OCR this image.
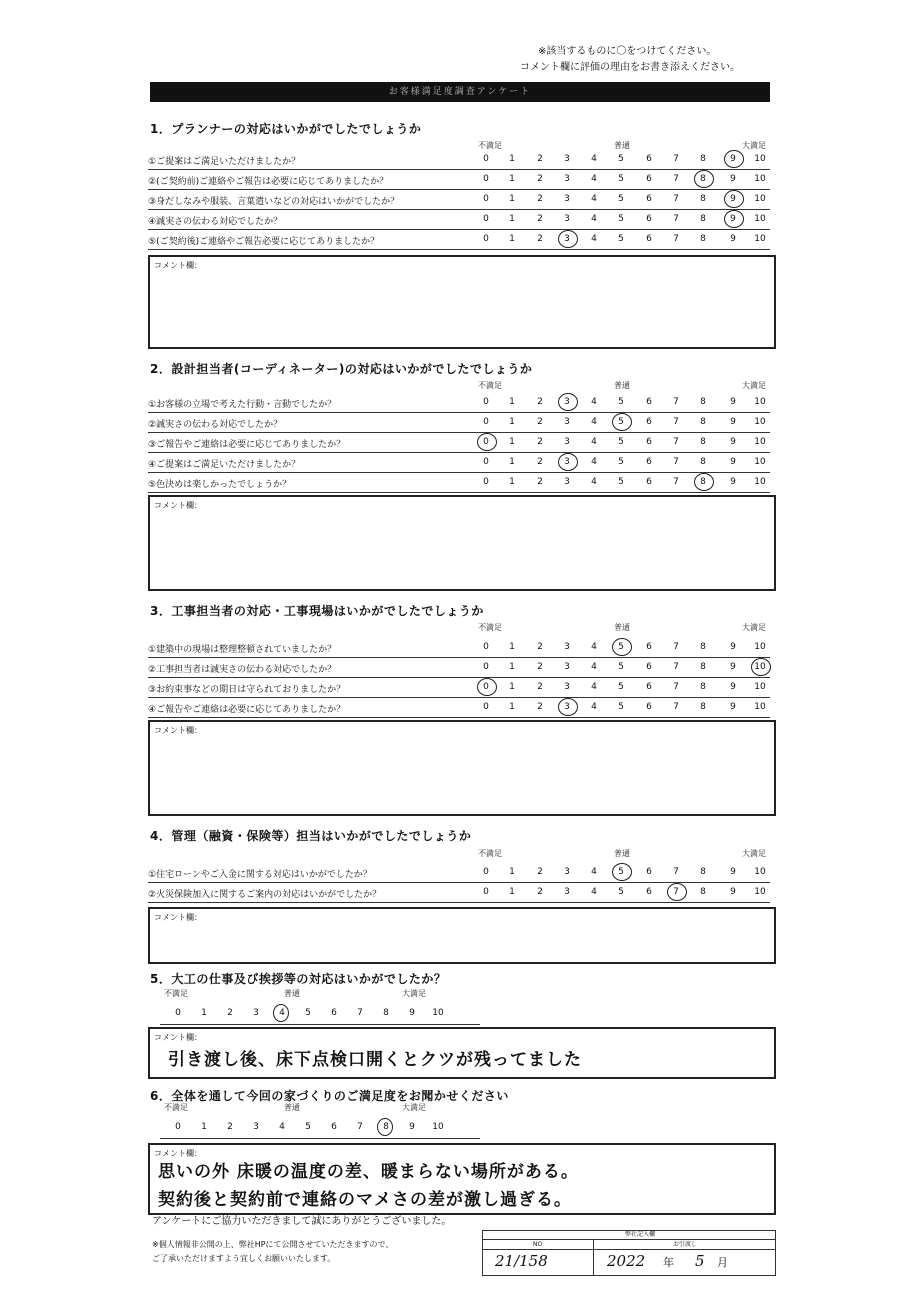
※該当するものに〇をつけてください。
コメント欄に評価の理由をお書き添えください。
お客様満足度調査アンケート
1．プランナーの対応はいかがでしたでしょうか
不満足	普通	大満足
①ご提案はご満足いただけましたか？	0	1	2	3	4	5	6	7	8	9	10
②(ご契約前)ご連絡やご報告は必要に応じてありましたか？	0	1	2	3	4	5	6	7	8	9	10
③身だしなみや服装、言葉遣いなどの対応はいかがでしたか？	0	1	2	3	4	5	6	7	8	9	10
④誠実さの伝わる対応でしたか？	0	1	2	3	4	5	6	7	8	9	10
⑤(ご契約後)ご連絡やご報告必要に応じてありましたか？	0	1	2	3	4	5	6	7	8	9	10
コメント欄：
2．設計担当者(コーディネーター)の対応はいかがでしたでしょうか
不満足	普通	大満足
①お客様の立場で考えた行動・言動でしたか？	0	1	2	3	4	5	6	7	8	9	10
②誠実さの伝わる対応でしたか？	0	1	2	3	4	5	6	7	8	9	10
③ご報告やご連絡は必要に応じてありましたか？	0	1	2	3	4	5	6	7	8	9	10
④ご提案はご満足いただけましたか？	0	1	2	3	4	5	6	7	8	9	10
⑤色決めは楽しかったでしょうか？	0	1	2	3	4	5	6	7	8	9	10
コメント欄：
3．工事担当者の対応・工事現場はいかがでしたでしょうか
不満足	普通	大満足
①建築中の現場は整理整頓されていましたか？	0	1	2	3	4	5	6	7	8	9	10
②工事担当者は誠実さの伝わる対応でしたか？	0	1	2	3	4	5	6	7	8	9	10
③お約束事などの期日は守られておりましたか？	0	1	2	3	4	5	6	7	8	9	10
④ご報告やご連絡は必要に応じてありましたか？	0	1	2	3	4	5	6	7	8	9	10
コメント欄：
4．管理（融資・保険等）担当はいかがでしたでしょうか
不満足	普通	大満足
①住宅ローンやご入金に関する対応はいかがでしたか？	0	1	2	3	4	5	6	7	8	9	10
②火災保険加入に関するご案内の対応はいかがでしたか？	0	1	2	3	4	5	6	7	8	9	10
コメント欄：
5．大工の仕事及び挨拶等の対応はいかがでしたか？
不満足	普通	大満足
0	1	2	3	4	5	6	7	8	9	10
コメント欄：
引き渡し後、床下点検口開くとクツが残ってました
6．全体を通して今回の家づくりのご満足度をお聞かせください
不満足	普通	大満足
0	1	2	3	4	5	6	7	8	9	10
コメント欄：
思いの外 床暖の温度の差、暖まらない場所がある。
契約後と契約前で連絡のマメさの差が激し過ぎる。
アンケートにご協力いただきまして誠にありがとうございました。
※個人情報非公開の上、弊社HPにて公開させていただきますので、
ご了承いただけますよう宜しくお願いいたします。
弊社記入欄
NO	お引渡し
21/158	2022 年 5 月
